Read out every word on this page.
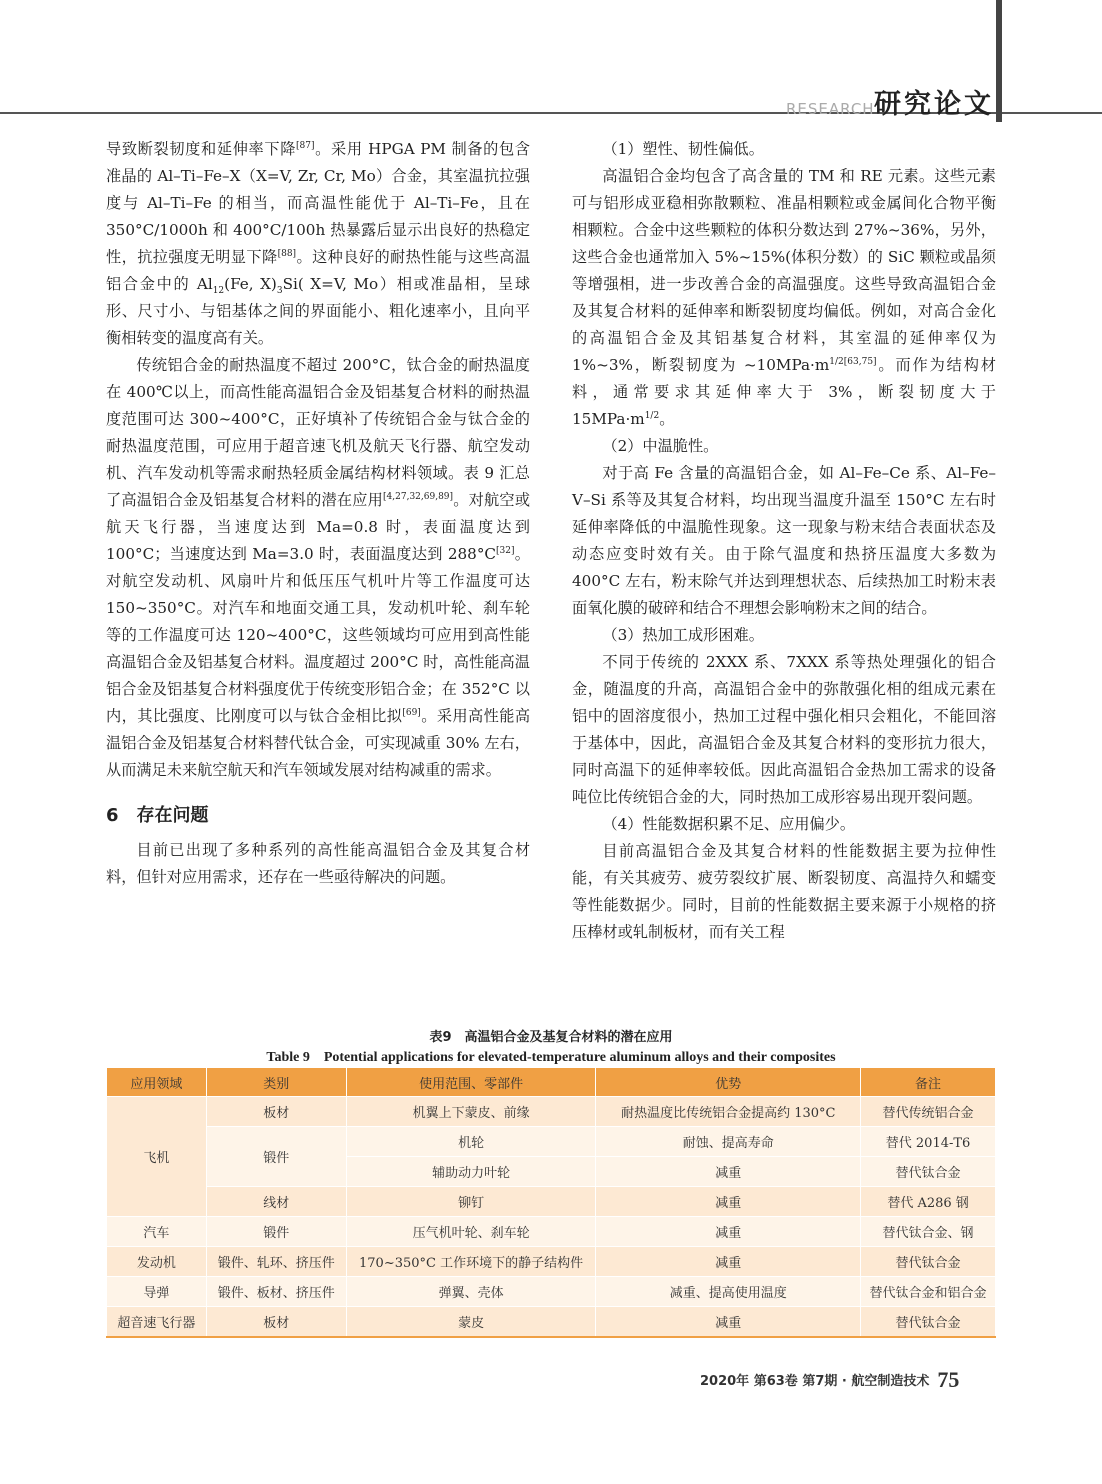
RESEARCH 研究论文

导致断裂韧度和延伸率下降[87]。采用 HPGA PM 制备的包含准晶的 Al–Ti–Fe–X（X=V, Zr, Cr, Mo）合金，其室温抗拉强度与 Al–Ti–Fe 的相当，而高温性能优于 Al–Ti–Fe，且在 350°C/1000h 和 400°C/100h 热暴露后显示出良好的热稳定性，抗拉强度无明显下降[88]。这种良好的耐热性能与这些高温铝合金中的 $Al_{12}(Fe$, $X)_3Si$( X=V, Mo）相或准晶相，呈球形、尺寸小、与铝基体之间的界面能小、粗化速率小，且向平衡相转变的温度高有关。

传统铝合金的耐热温度不超过 200°C，钛合金的耐热温度在 400℃以上，而高性能高温铝合金及铝基复合材料的耐热温度范围可达 300~400°C，正好填补了传统铝合金与钛合金的耐热温度范围，可应用于超音速飞机及航天飞行器、航空发动机、汽车发动机等需求耐热轻质金属结构材料领域。表 9 汇总了高温铝合金及铝基复合材料的潜在应用[4,27,32,69,89]。对航空或航天飞行器，当速度达到 Ma=0.8 时，表面温度达到 100°C；当速度达到 Ma=3.0 时，表面温度达到 288°C[32]。对航空发动机、风扇叶片和低压压气机叶片等工作温度可达 150~350°C。对汽车和地面交通工具，发动机叶轮、刹车轮等的工作温度可达 120~400°C，这些领域均可应用到高性能高温铝合金及铝基复合材料。温度超过 200°C 时，高性能高温铝合金及铝基复合材料强度优于传统变形铝合金；在 352°C 以内，其比强度、比刚度可以与钛合金相比拟[69]。采用高性能高温铝合金及铝基复合材料替代钛合金，可实现减重 30% 左右，从而满足未来航空航天和汽车领域发展对结构减重的需求。

6 存在问题

目前已出现了多种系列的高性能高温铝合金及其复合材料，但针对应用需求，还存在一些亟待解决的问题。

（1）塑性、韧性偏低。

高温铝合金均包含了高含量的 TM 和 RE 元素。这些元素可与铝形成亚稳相弥散颗粒、准晶相颗粒或金属间化合物平衡相颗粒。合金中这些颗粒的体积分数达到 27%~36%，另外，这些合金也通常加入 5%~15%(体积分数）的 SiC 颗粒或晶须等增强相，进一步改善合金的高温强度。这些导致高温铝合金及其复合材料的延伸率和断裂韧度均偏低。例如，对高合金化的高温铝合金及其铝基复合材料，其室温的延伸率仅为 1%~3%，断裂韧度为 $\sim 10MPa\cdot m^{1/2[63,75]}$。而作为结构材料，通常要求其延伸率大于 3%，断裂韧度大于 $15MPa\cdot m^{1/2}$。

（2）中温脆性。

对于高 Fe 含量的高温铝合金，如 Al–Fe–Ce 系、Al–Fe–V–Si 系等及其复合材料，均出现当温度升温至 150°C 左右时延伸率降低的中温脆性现象。这一现象与粉末结合表面状态及动态应变时效有关。由于除气温度和热挤压温度大多数为 400°C 左右，粉末除气并达到理想状态、后续热加工时粉末表面氧化膜的破碎和结合不理想会影响粉末之间的结合。

（3）热加工成形困难。

不同于传统的 2XXX 系、7XXX 系等热处理强化的铝合金，随温度的升高，高温铝合金中的弥散强化相的组成元素在铝中的固溶度很小，热加工过程中强化相只会粗化，不能回溶于基体中，因此，高温铝合金及其复合材料的变形抗力很大，同时高温下的延伸率较低。因此高温铝合金热加工需求的设备吨位比传统铝合金的大，同时热加工成形容易出现开裂问题。

（4）性能数据积累不足、应用偏少。

目前高温铝合金及其复合材料的性能数据主要为拉伸性能，有关其疲劳、疲劳裂纹扩展、断裂韧度、高温持久和蠕变等性能数据少。同时，目前的性能数据主要来源于小规格的挤压棒材或轧制板材，而有关工程

表9　高温铝合金及基复合材料的潜在应用
Table 9　Potential applications for elevated-temperature aluminum alloys and their composites
应用领域	类别	使用范围、零部件	优势	备注
飞机	板材	机翼上下蒙皮、前缘	耐热温度比传统铝合金提高约 130°C	替代传统铝合金
	锻件	机轮	耐蚀、提高寿命	替代 2014-T6
		辅助动力叶轮	减重	替代钛合金
	线材	铆钉	减重	替代 A286 钢
汽车	锻件	压气机叶轮、刹车轮	减重	替代钛合金、钢
发动机	锻件、轧环、挤压件	170~350°C 工作环境下的静子结构件	减重	替代钛合金
导弹	锻件、板材、挤压件	弹翼、壳体	减重、提高使用温度	替代钛合金和铝合金
超音速飞行器	板材	蒙皮	减重	替代钛合金
2020年 第63卷 第7期 · 航空制造技术 75
